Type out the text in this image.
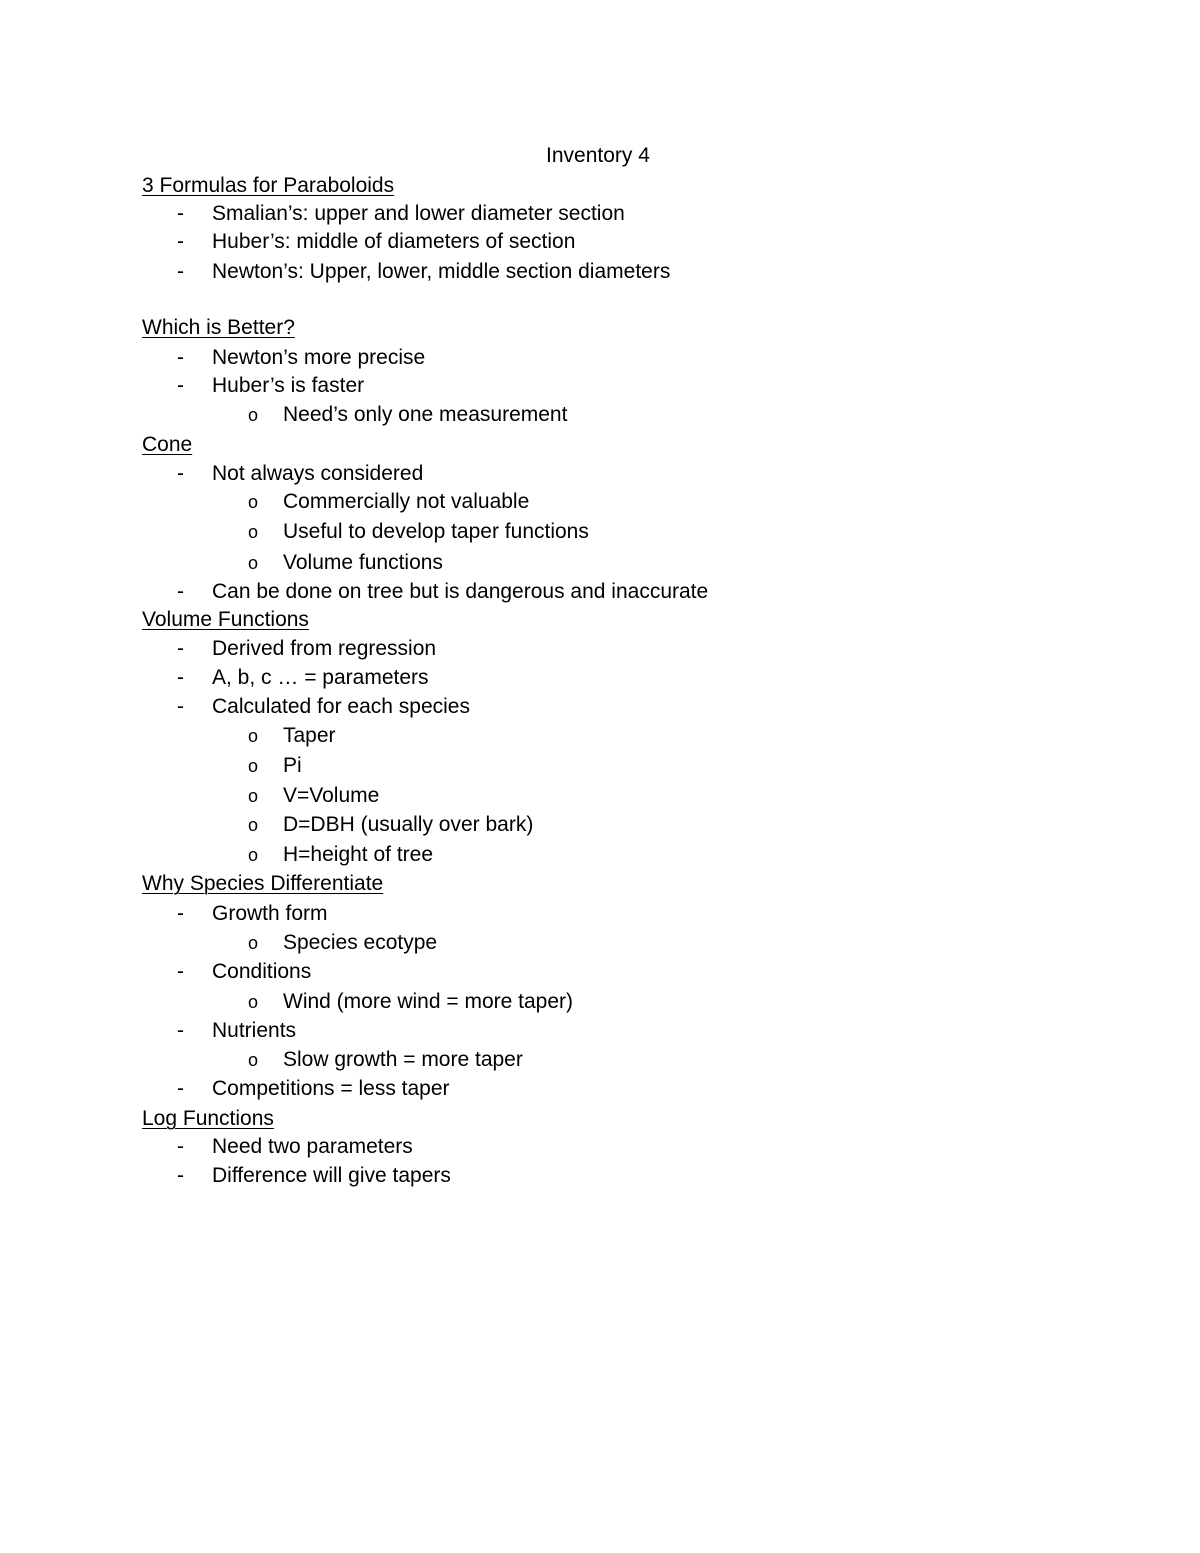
Inventory 4
3 Formulas for Paraboloids
- Smalian’s: upper and lower diameter section
- Huber’s: middle of diameters of section
- Newton’s: Upper, lower, middle section diameters
Which is Better?
- Newton’s more precise
- Huber’s is faster
o Need’s only one measurement
Cone
- Not always considered
o Commercially not valuable
o Useful to develop taper functions
o Volume functions
- Can be done on tree but is dangerous and inaccurate
Volume Functions
- Derived from regression
- A, b, c … = parameters
- Calculated for each species
o Taper
o Pi
o V=Volume
o D=DBH (usually over bark)
o H=height of tree
Why Species Differentiate
- Growth form
o Species ecotype
- Conditions
o Wind (more wind = more taper)
- Nutrients
o Slow growth = more taper
- Competitions = less taper
Log Functions
- Need two parameters
- Difference will give tapers
